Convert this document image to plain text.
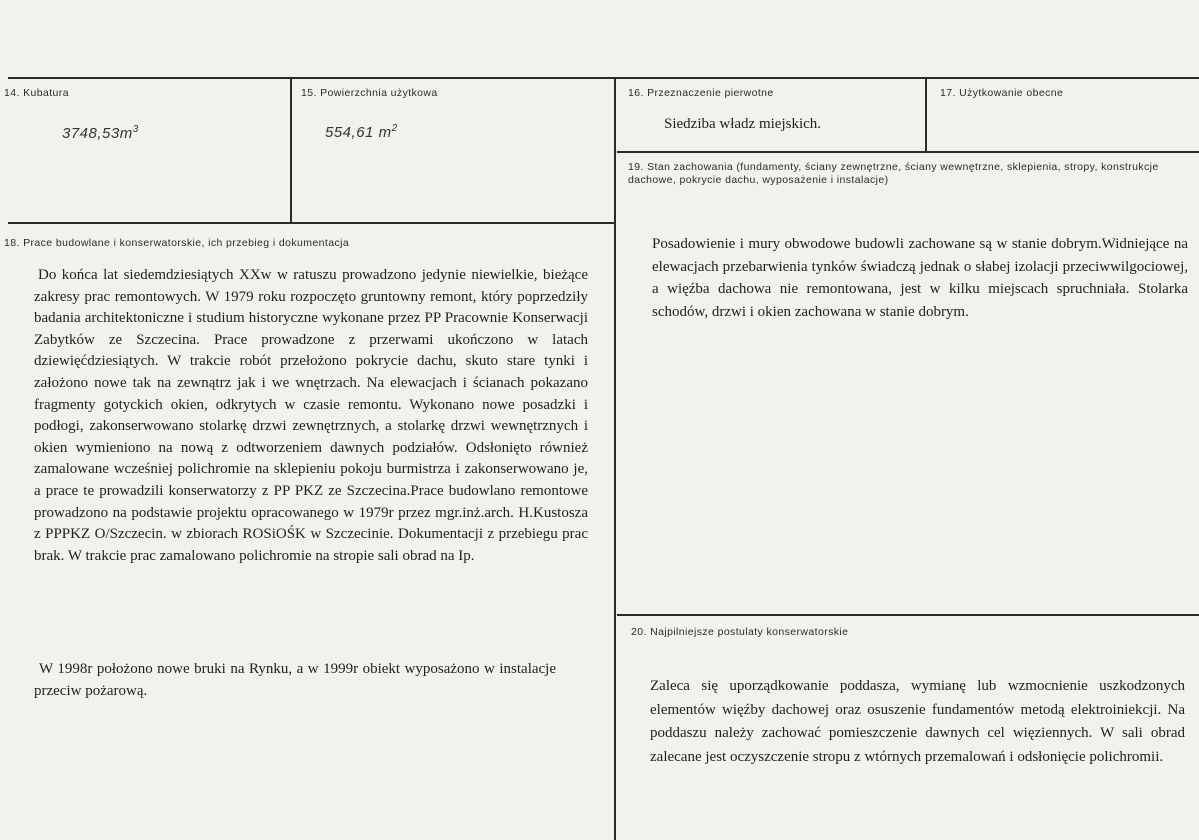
14. Kubatura
$3748,53m^3$
15. Powierzchnia użytkowa
554,61 $m^2$
16. Przeznaczenie pierwotne
Siedziba władz miejskich.
17. Użytkowanie obecne
19. Stan zachowania (fundamenty, ściany zewnętrzne, ściany wewnętrzne, sklepienia, stropy, konstrukcje dachowe, pokrycie dachu, wyposażenie i instalacje)
Posadowienie i mury obwodowe budowli zachowane są w stanie dobrym.Widniejące na elewacjach przebarwienia tynków świadczą jednak o słabej izolacji przeciwwilgociowej, a więźba dachowa nie remontowana, jest w kilku miejscach spruchniała. Stolarka schodów, drzwi i okien zachowana w stanie dobrym.
18. Prace budowlane i konserwatorskie, ich przebieg i dokumentacja
Do końca lat siedemdziesiątych XXw w ratuszu prowadzono jedynie niewielkie, bieżące zakresy prac remontowych. W 1979 roku rozpoczęto gruntowny remont, który poprzedziły badania architektoniczne i studium historyczne wykonane przez PP Pracownie Konserwacji Zabytków ze Szczecina. Prace prowadzone z przerwami ukończono w latach dziewięćdziesiątych. W trakcie robót przełożono pokrycie dachu, skuto stare tynki i założono nowe tak na zewnątrz jak i we wnętrzach. Na elewacjach i ścianach pokazano fragmenty gotyckich okien, odkrytych w czasie remontu. Wykonano nowe posadzki i podłogi, zakonserwowano stolarkę drzwi zewnętrznych, a stolarkę drzwi wewnętrznych i okien wymieniono na nową z odtworzeniem dawnych podziałów. Odsłonięto również zamalowane wcześniej polichromie na sklepieniu pokoju burmistrza i zakonserwowano je, a prace te prowadzili konserwatorzy z PP PKZ ze Szczecina.Prace budowlano remontowe prowadzono na podstawie projektu opracowanego w 1979r przez mgr.inż.arch. H.Kustosza z PPPKZ O/Szczecin. w zbiorach ROSiOŚK w Szczecinie. Dokumentacji z przebiegu prac brak. W trakcie prac zamalowano polichromie na stropie sali obrad na Ip.
W 1998r położono nowe bruki na Rynku, a w 1999r obiekt wyposażono w instalacje przeciw pożarową.
20. Najpilniejsze postulaty konserwatorskie
Zaleca się uporządkowanie poddasza, wymianę lub wzmocnienie uszkodzonych elementów więźby dachowej oraz osuszenie fundamentów metodą elektroiniekcji. Na poddaszu należy zachować pomieszczenie dawnych cel więziennych. W sali obrad zalecane jest oczyszczenie stropu z wtórnych przemalowań i odsłonięcie polichromii.
